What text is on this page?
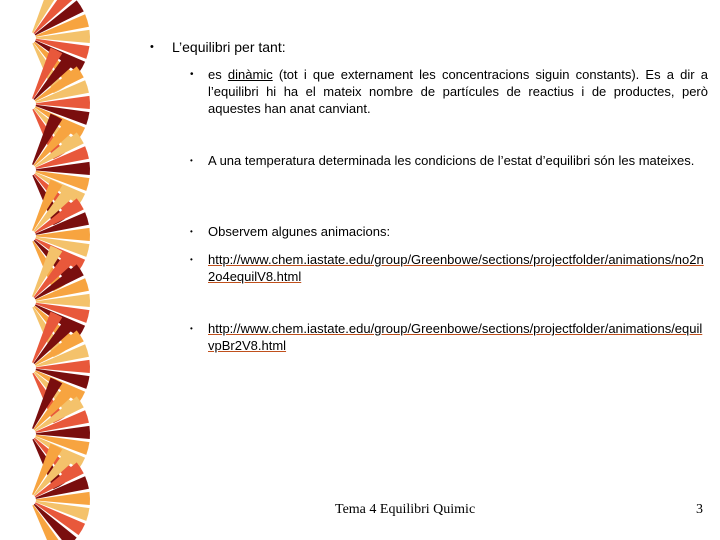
• L’equilibri per tant:
• es dinàmic (tot i que externament les concentracions siguin constants). Es a dir a l’equilibri hi ha el mateix nombre de partícules de reactius i de productes, però aquestes han anat canviant.
• A una temperatura determinada les condicions de l’estat d’equilibri són les mateixes.
• Observem algunes animacions:
• http://www.chem.iastate.edu/group/Greenbowe/sections/projectfolder/animations/no2n2o4equilV8.html
• http://www.chem.iastate.edu/group/Greenbowe/sections/projectfolder/animations/equilvpBr2V8.html
Tema 4 Equilibri Quimic	3
